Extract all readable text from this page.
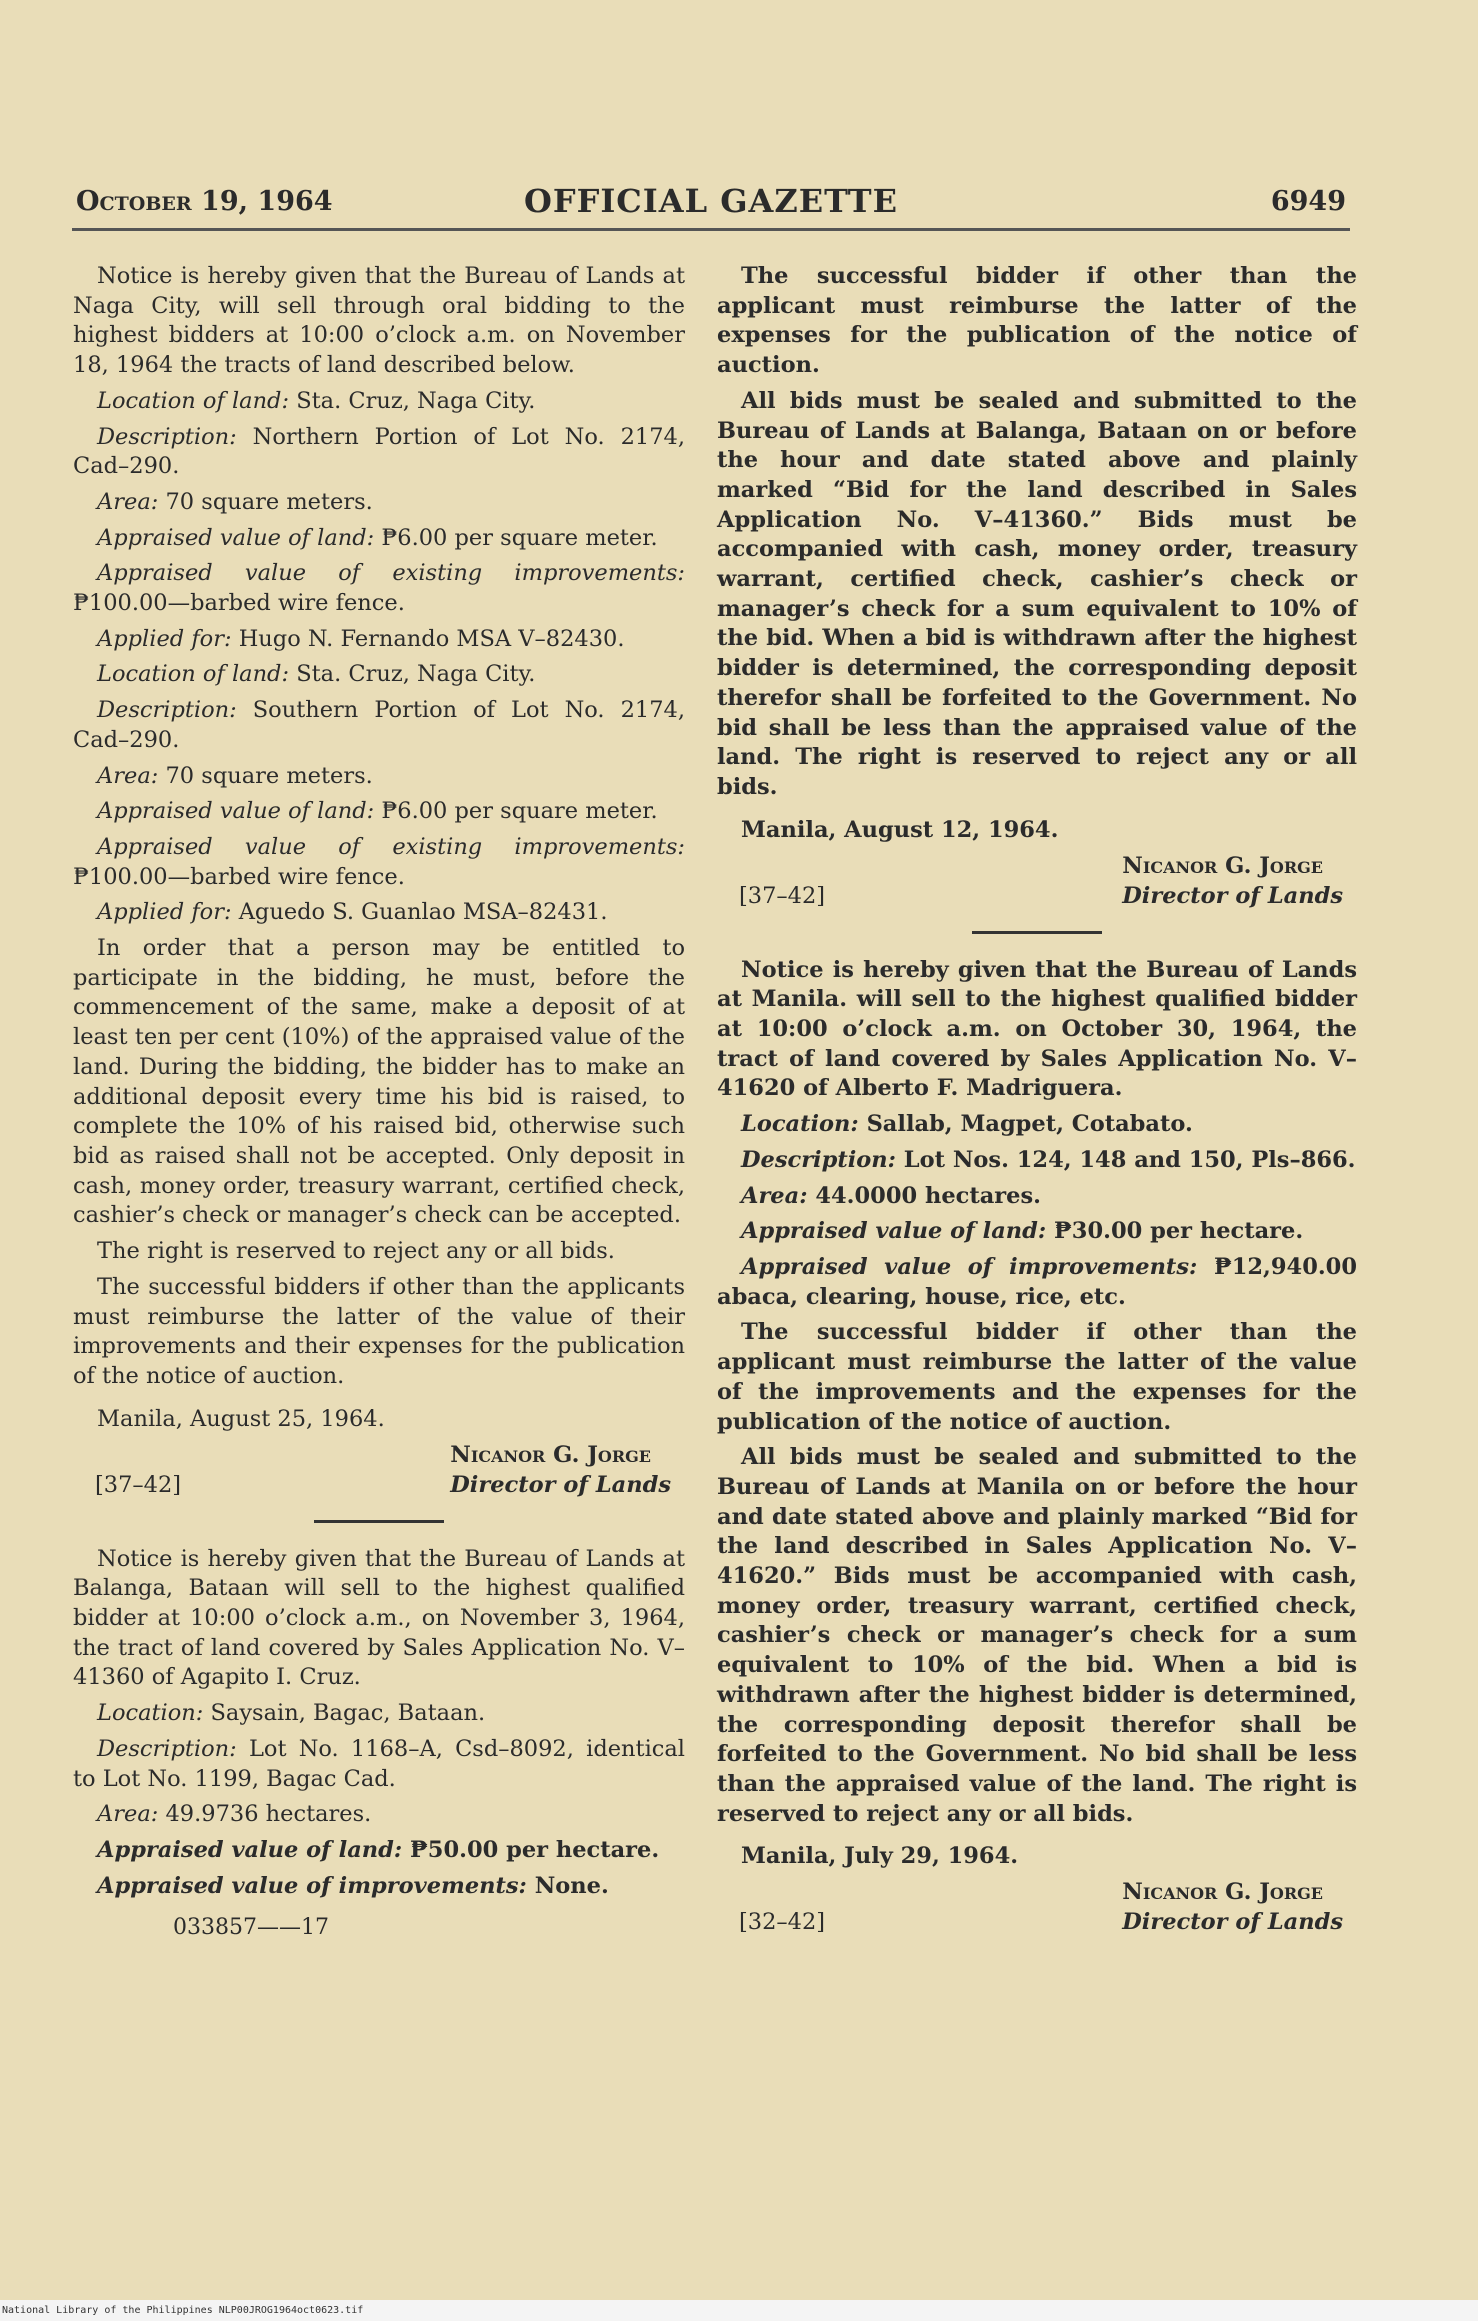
October 19, 1964	OFFICIAL GAZETTE	6949

Notice is hereby given that the Bureau of Lands at Naga City, will sell through oral bidding to the highest bidders at 10:00 o’clock a.m. on November 18, 1964 the tracts of land described below.

Location of land: Sta. Cruz, Naga City.

Description: Northern Portion of Lot No. 2174, Cad–290.

Area: 70 square meters.

Appraised value of land: ₱6.00 per square meter.

Appraised value of existing improvements: ₱100.00—barbed wire fence.

Applied for: Hugo N. Fernando MSA V–82430.

Location of land: Sta. Cruz, Naga City.

Description: Southern Portion of Lot No. 2174, Cad–290.

Area: 70 square meters.

Appraised value of land: ₱6.00 per square meter.

Appraised value of existing improvements: ₱100.00—barbed wire fence.

Applied for: Aguedo S. Guanlao MSA–82431.

In order that a person may be entitled to participate in the bidding, he must, before the commencement of the same, make a deposit of at least ten per cent (10%) of the appraised value of the land. During the bidding, the bidder has to make an additional deposit every time his bid is raised, to complete the 10% of his raised bid, otherwise such bid as raised shall not be accepted. Only deposit in cash, money order, treasury warrant, certified check, cashier’s check or manager’s check can be accepted.

The right is reserved to reject any or all bids.

The successful bidders if other than the applicants must reimburse the latter of the value of their improvements and their expenses for the publication of the notice of auction.

Manila, August 25, 1964.
Nicanor G. Jorge
[37–42]	Director of Lands

Notice is hereby given that the Bureau of Lands at Balanga, Bataan will sell to the highest qualified bidder at 10:00 o’clock a.m., on November 3, 1964, the tract of land covered by Sales Application No. V–41360 of Agapito I. Cruz.

Location: Saysain, Bagac, Bataan.

Description: Lot No. 1168–A, Csd–8092, identical to Lot No. 1199, Bagac Cad.

Area: 49.9736 hectares.

Appraised value of land: ₱50.00 per hectare.

Appraised value of improvements: None.

033857——17

The successful bidder if other than the applicant must reimburse the latter of the expenses for the publication of the notice of auction.

All bids must be sealed and submitted to the Bureau of Lands at Balanga, Bataan on or before the hour and date stated above and plainly marked “Bid for the land described in Sales Application No. V–41360.” Bids must be accompanied with cash, money order, treasury warrant, certified check, cashier’s check or manager’s check for a sum equivalent to 10% of the bid. When a bid is withdrawn after the highest bidder is determined, the corresponding deposit therefor shall be forfeited to the Government. No bid shall be less than the appraised value of the land. The right is reserved to reject any or all bids.

Manila, August 12, 1964.
Nicanor G. Jorge
[37–42]	Director of Lands

Notice is hereby given that the Bureau of Lands at Manila. will sell to the highest qualified bidder at 10:00 o’clock a.m. on October 30, 1964, the tract of land covered by Sales Application No. V–41620 of Alberto F. Madriguera.

Location: Sallab, Magpet, Cotabato.

Description: Lot Nos. 124, 148 and 150, Pls–866.

Area: 44.0000 hectares.

Appraised value of land: ₱30.00 per hectare.

Appraised value of improvements: ₱12,940.00 abaca, clearing, house, rice, etc.

The successful bidder if other than the applicant must reimburse the latter of the value of the improvements and the expenses for the publication of the notice of auction.

All bids must be sealed and submitted to the Bureau of Lands at Manila on or before the hour and date stated above and plainly marked “Bid for the land described in Sales Application No. V–41620.” Bids must be accompanied with cash, money order, treasury warrant, certified check, cashier’s check or manager’s check for a sum equivalent to 10% of the bid. When a bid is withdrawn after the highest bidder is determined, the corresponding deposit therefor shall be forfeited to the Government. No bid shall be less than the appraised value of the land. The right is reserved to reject any or all bids.

Manila, July 29, 1964.
Nicanor G. Jorge
[32–42]	Director of Lands
National Library of the Philippines NLP00JROG1964oct0623.tif
